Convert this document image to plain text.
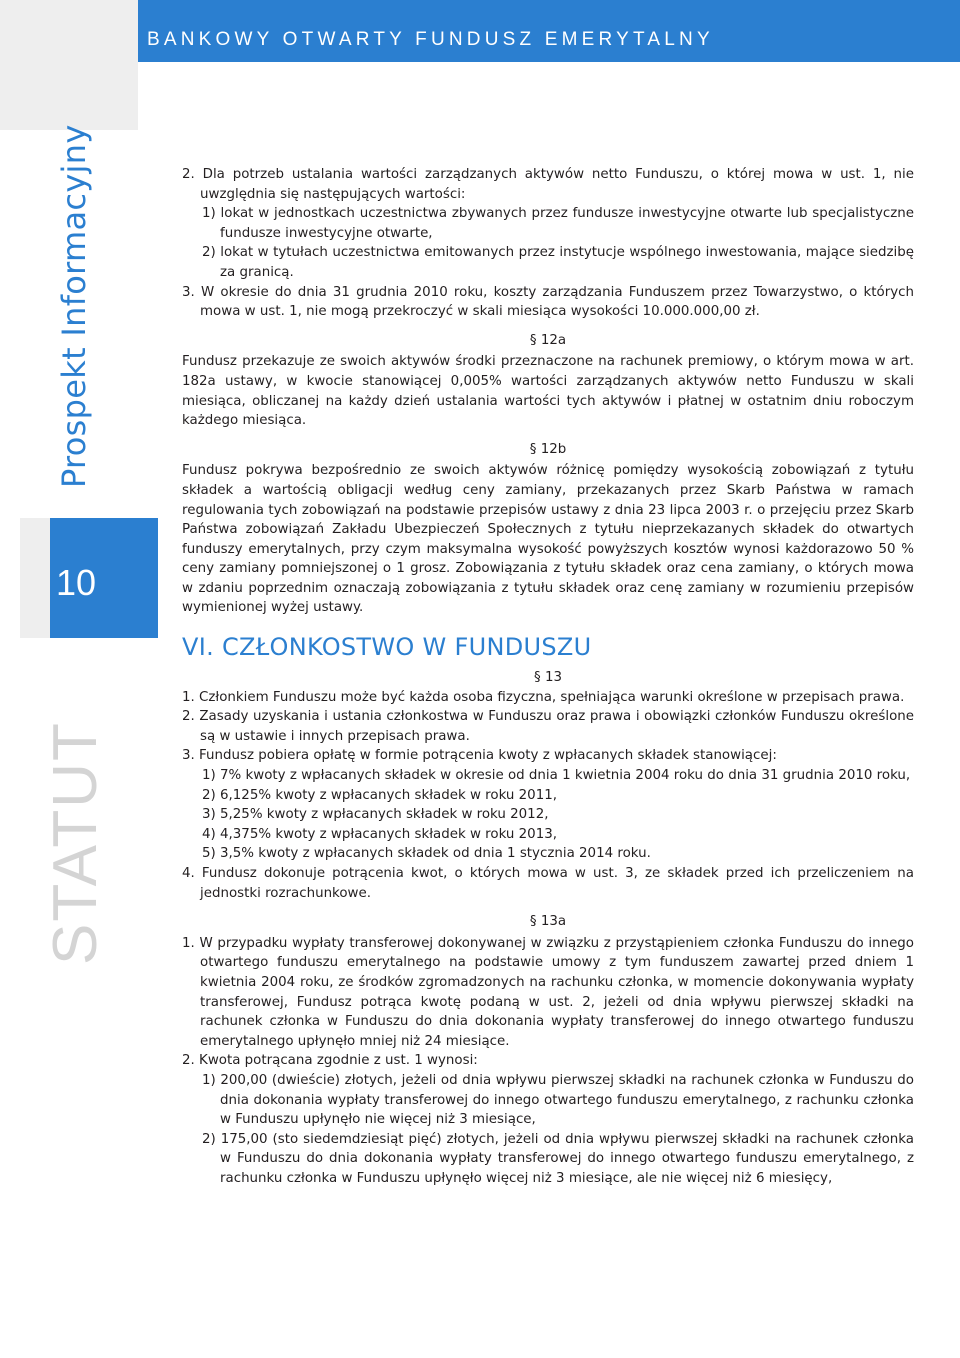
Prospekt Informacyjny
10
STATUT
BANKOWY OTWARTY FUNDUSZ EMERYTALNY

2. Dla potrzeb ustalania wartości zarządzanych aktywów netto Funduszu, o której mowa w ust. 1, nie uwzględnia się następujących wartości:

1) lokat w jednostkach uczestnictwa zbywanych przez fundusze inwestycyjne otwarte lub specjalistyczne fundusze inwestycyjne otwarte,

2) lokat w tytułach uczestnictwa emitowanych przez instytucje wspólnego inwestowania, mające siedzibę za granicą.

3. W okresie do dnia 31 grudnia 2010 roku, koszty zarządzania Funduszem przez Towarzystwo, o których mowa w ust. 1, nie mogą przekroczyć w skali miesiąca wysokości 10.000.000,00 zł.

§ 12a

Fundusz przekazuje ze swoich aktywów środki przeznaczone na rachunek premiowy, o którym mowa w art. 182a ustawy, w kwocie stanowiącej 0,005% wartości zarządzanych aktywów netto Funduszu w skali miesiąca, obliczanej na każdy dzień ustalania wartości tych aktywów i płatnej w ostatnim dniu roboczym każdego miesiąca.

§ 12b

Fundusz pokrywa bezpośrednio ze swoich aktywów różnicę pomiędzy wysokością zobowiązań z tytułu składek a wartością obligacji według ceny zamiany, przekazanych przez Skarb Państwa w ramach regulowania tych zobowiązań na podstawie przepisów ustawy z dnia 23 lipca 2003 r. o przejęciu przez Skarb Państwa zobowiązań Zakładu Ubezpieczeń Społecznych z tytułu nieprzekazanych składek do otwartych funduszy emerytalnych, przy czym maksymalna wysokość powyższych kosztów wynosi każdorazowo 50 % ceny zamiany pomniejszonej o 1 grosz. Zobowiązania z tytułu składek oraz cena zamiany, o których mowa w zdaniu poprzednim oznaczają zobowiązania z tytułu składek oraz cenę zamiany w rozumieniu przepisów wymienionej wyżej ustawy.

VI. CZŁONKOSTWO W FUNDUSZU

§ 13

1. Członkiem Funduszu może być każda osoba fizyczna, spełniająca warunki określone w przepisach prawa.

2. Zasady uzyskania i ustania członkostwa w Funduszu oraz prawa i obowiązki członków Funduszu określone są w ustawie i innych przepisach prawa.

3. Fundusz pobiera opłatę w formie potrącenia kwoty z wpłacanych składek stanowiącej:

1) 7% kwoty z wpłacanych składek w okresie od dnia 1 kwietnia 2004 roku do dnia 31 grudnia 2010 roku,

2) 6,125% kwoty z wpłacanych składek w roku 2011,

3) 5,25% kwoty z wpłacanych składek w roku 2012,

4) 4,375% kwoty z wpłacanych składek w roku 2013,

5) 3,5% kwoty z wpłacanych składek od dnia 1 stycznia 2014 roku.

4. Fundusz dokonuje potrącenia kwot, o których mowa w ust. 3, ze składek przed ich przeliczeniem na jednostki rozrachunkowe.

§ 13a

1. W przypadku wypłaty transferowej dokonywanej w związku z przystąpieniem członka Funduszu do innego otwartego funduszu emerytalnego na podstawie umowy z tym funduszem zawartej przed dniem 1 kwietnia 2004 roku, ze środków zgromadzonych na rachunku członka, w momencie dokonywania wypłaty transferowej, Fundusz potrąca kwotę podaną w ust. 2, jeżeli od dnia wpływu pierwszej składki na rachunek członka w Funduszu do dnia dokonania wypłaty transferowej do innego otwartego funduszu emerytalnego upłynęło mniej niż 24 miesiące.

2. Kwota potrącana zgodnie z ust. 1 wynosi:

1) 200,00 (dwieście) złotych, jeżeli od dnia wpływu pierwszej składki na rachunek członka w Funduszu do dnia dokonania wypłaty transferowej do innego otwartego funduszu emerytalnego, z rachunku członka w Funduszu upłynęło nie więcej niż 3 miesiące,

2) 175,00 (sto siedemdziesiąt pięć) złotych, jeżeli od dnia wpływu pierwszej składki na rachunek członka w Funduszu do dnia dokonania wypłaty transferowej do innego otwartego funduszu emerytalnego, z rachunku członka w Funduszu upłynęło więcej niż 3 miesiące, ale nie więcej niż 6 miesięcy,
